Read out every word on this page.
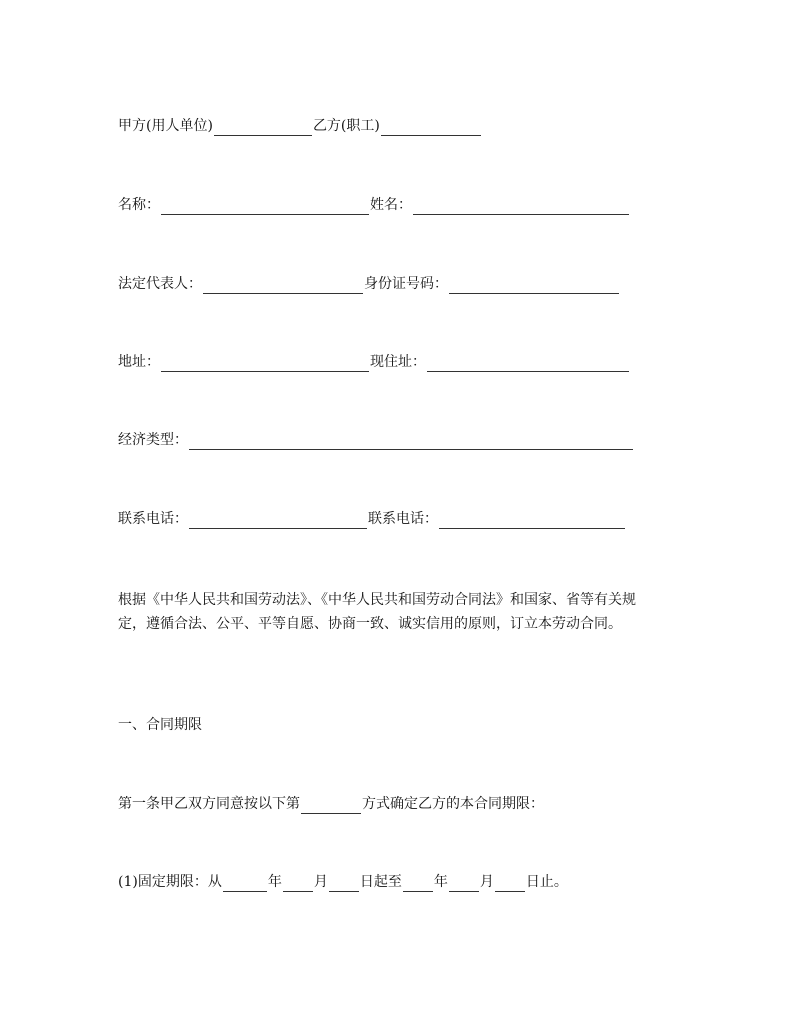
甲方(用人单位)	乙方(职工)
名称：	姓名：
法定代表人：	身份证号码：
地址：	现住址：
经济类型：
联系电话：	联系电话：
根据《中华人民共和国劳动法》、《中华人民共和国劳动合同法》和国家、省等有关规定，遵循合法、公平、平等自愿、协商一致、诚实信用的原则，订立本劳动合同。
一、合同期限
第一条甲乙双方同意按以下第	方式确定乙方的本合同期限：
(1)固定期限：从	年 月 日起至 年 月 日止。
